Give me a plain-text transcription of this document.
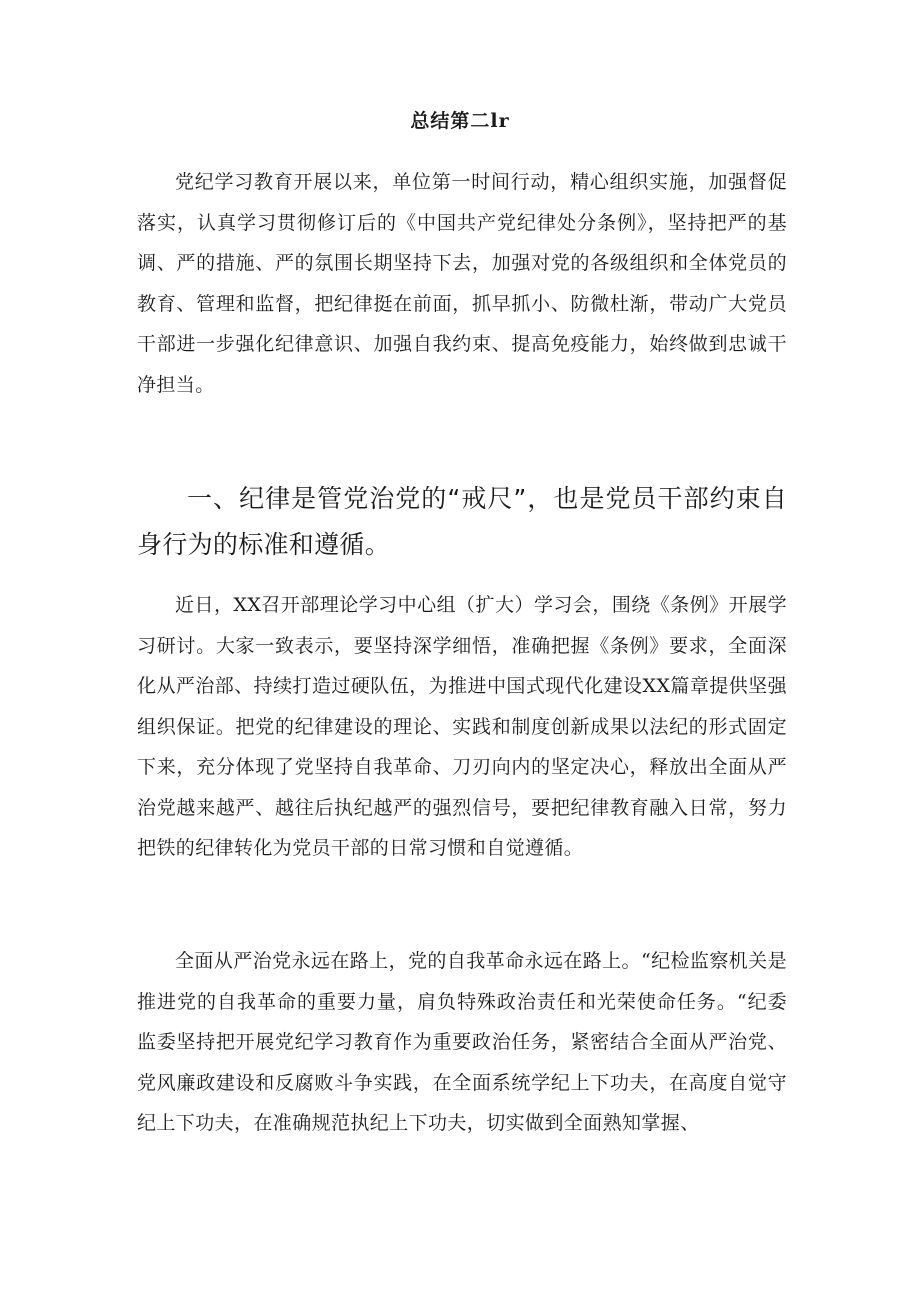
总结第二lr

党纪学习教育开展以来，单位第一时间行动，精心组织实施，加强督促落实，认真学习贯彻修订后的《中国共产党纪律处分条例》，坚持把严的基调、严的措施、严的氛围长期坚持下去，加强对党的各级组织和全体党员的教育、管理和监督，把纪律挺在前面，抓早抓小、防微杜渐，带动广大党员干部进一步强化纪律意识、加强自我约束、提高免疫能力，始终做到忠诚干净担当。

一、纪律是管党治党的“戒尺”，也是党员干部约束自身行为的标准和遵循。

近日，XX召开部理论学习中心组（扩大）学习会，围绕《条例》开展学习研讨。大家一致表示，要坚持深学细悟，准确把握《条例》要求，全面深化从严治部、持续打造过硬队伍，为推进中国式现代化建设XX篇章提供坚强组织保证。把党的纪律建设的理论、实践和制度创新成果以法纪的形式固定下来，充分体现了党坚持自我革命、刀刃向内的坚定决心，释放出全面从严治党越来越严、越往后执纪越严的强烈信号，要把纪律教育融入日常，努力把铁的纪律转化为党员干部的日常习惯和自觉遵循。

全面从严治党永远在路上，党的自我革命永远在路上。“纪检监察机关是推进党的自我革命的重要力量，肩负特殊政治责任和光荣使命任务。“纪委监委坚持把开展党纪学习教育作为重要政治任务，紧密结合全面从严治党、党风廉政建设和反腐败斗争实践，在全面系统学纪上下功夫，在高度自觉守纪上下功夫，在准确规范执纪上下功夫，切实做到全面熟知掌握、
